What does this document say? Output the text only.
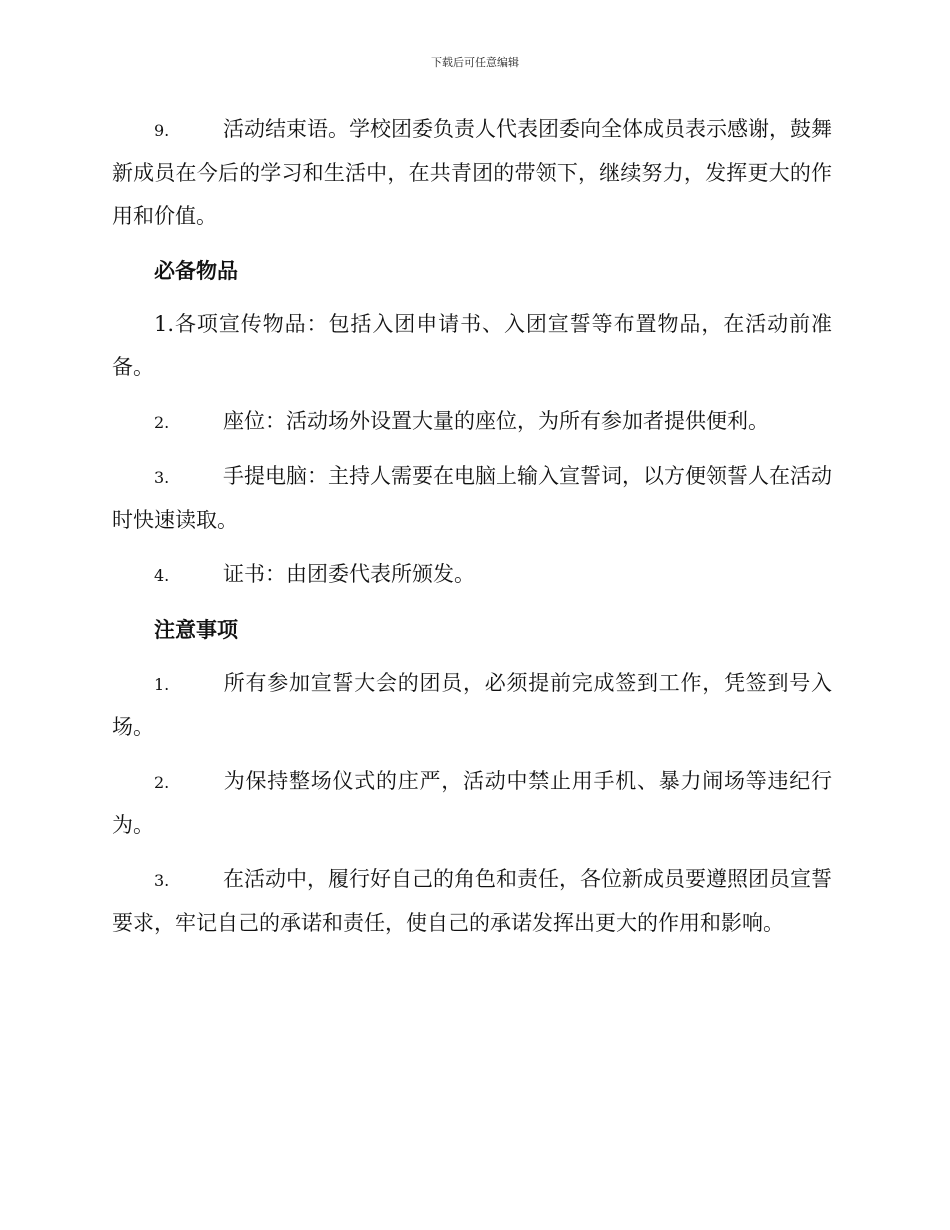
下载后可任意编辑

9.	活动结束语。学校团委负责人代表团委向全体成员表示感谢，鼓舞新成员在今后的学习和生活中，在共青团的带领下，继续努力，发挥更大的作用和价值。

必备物品

1.各项宣传物品：包括入团申请书、入团宣誓等布置物品，在活动前准备。

2.	座位：活动场外设置大量的座位，为所有参加者提供便利。

3.	手提电脑：主持人需要在电脑上输入宣誓词，以方便领誓人在活动时快速读取。

4.	证书：由团委代表所颁发。

注意事项

1.	所有参加宣誓大会的团员，必须提前完成签到工作，凭签到号入场。

2.	为保持整场仪式的庄严，活动中禁止用手机、暴力闹场等违纪行为。

3.	在活动中，履行好自己的角色和责任，各位新成员要遵照团员宣誓要求，牢记自己的承诺和责任，使自己的承诺发挥出更大的作用和影响。
